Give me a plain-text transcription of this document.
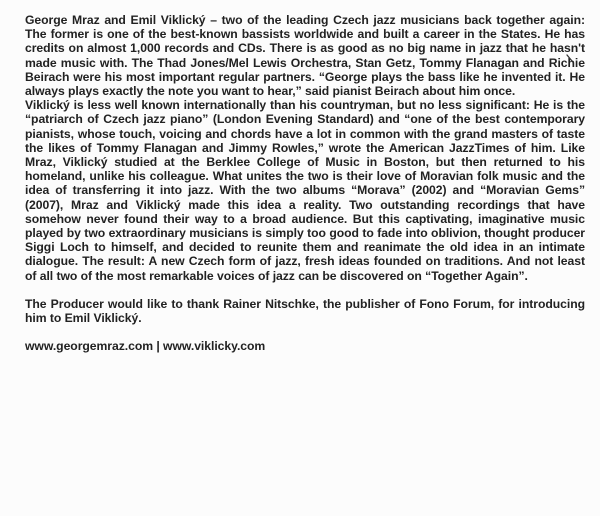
George Mraz and Emil Viklický – two of the leading Czech jazz musicians back together again: The former is one of the best-known bassists worldwide and built a career in the States. He has credits on almost 1,000 records and CDs. There is as good as no big name in jazz that he hasn't made music with. The Thad Jones/Mel Lewis Orchestra, Stan Getz, Tommy Flanagan and Richie Beirach were his most important regular partners. “George plays the bass like he invented it. He always plays exactly the note you want to hear,” said pianist Beirach about him once.

Viklický is less well known internationally than his countryman, but no less significant: He is the “patriarch of Czech jazz piano” (London Evening Standard) and “one of the best contemporary pianists, whose touch, voicing and chords have a lot in common with the grand masters of taste the likes of Tommy Flanagan and Jimmy Rowles,” wrote the American JazzTimes of him. Like Mraz, Viklický studied at the Berklee College of Music in Boston, but then returned to his homeland, unlike his colleague. What unites the two is their love of Moravian folk music and the idea of transferring it into jazz. With the two albums “Morava” (2002) and “Moravian Gems” (2007), Mraz and Viklický made this idea a reality. Two outstanding recordings that have somehow never found their way to a broad audience. But this captivating, imaginative music played by two extraordinary musicians is simply too good to fade into oblivion, thought producer Siggi Loch to himself, and decided to reunite them and reanimate the old idea in an intimate dialogue. The result: A new Czech form of jazz, fresh ideas founded on traditions. And not least of all two of the most remarkable voices of jazz can be discovered on “Together Again”.

The Producer would like to thank Rainer Nitschke, the publisher of Fono Forum, for introducing him to Emil Viklický.

www.georgemraz.com | www.viklicky.com
